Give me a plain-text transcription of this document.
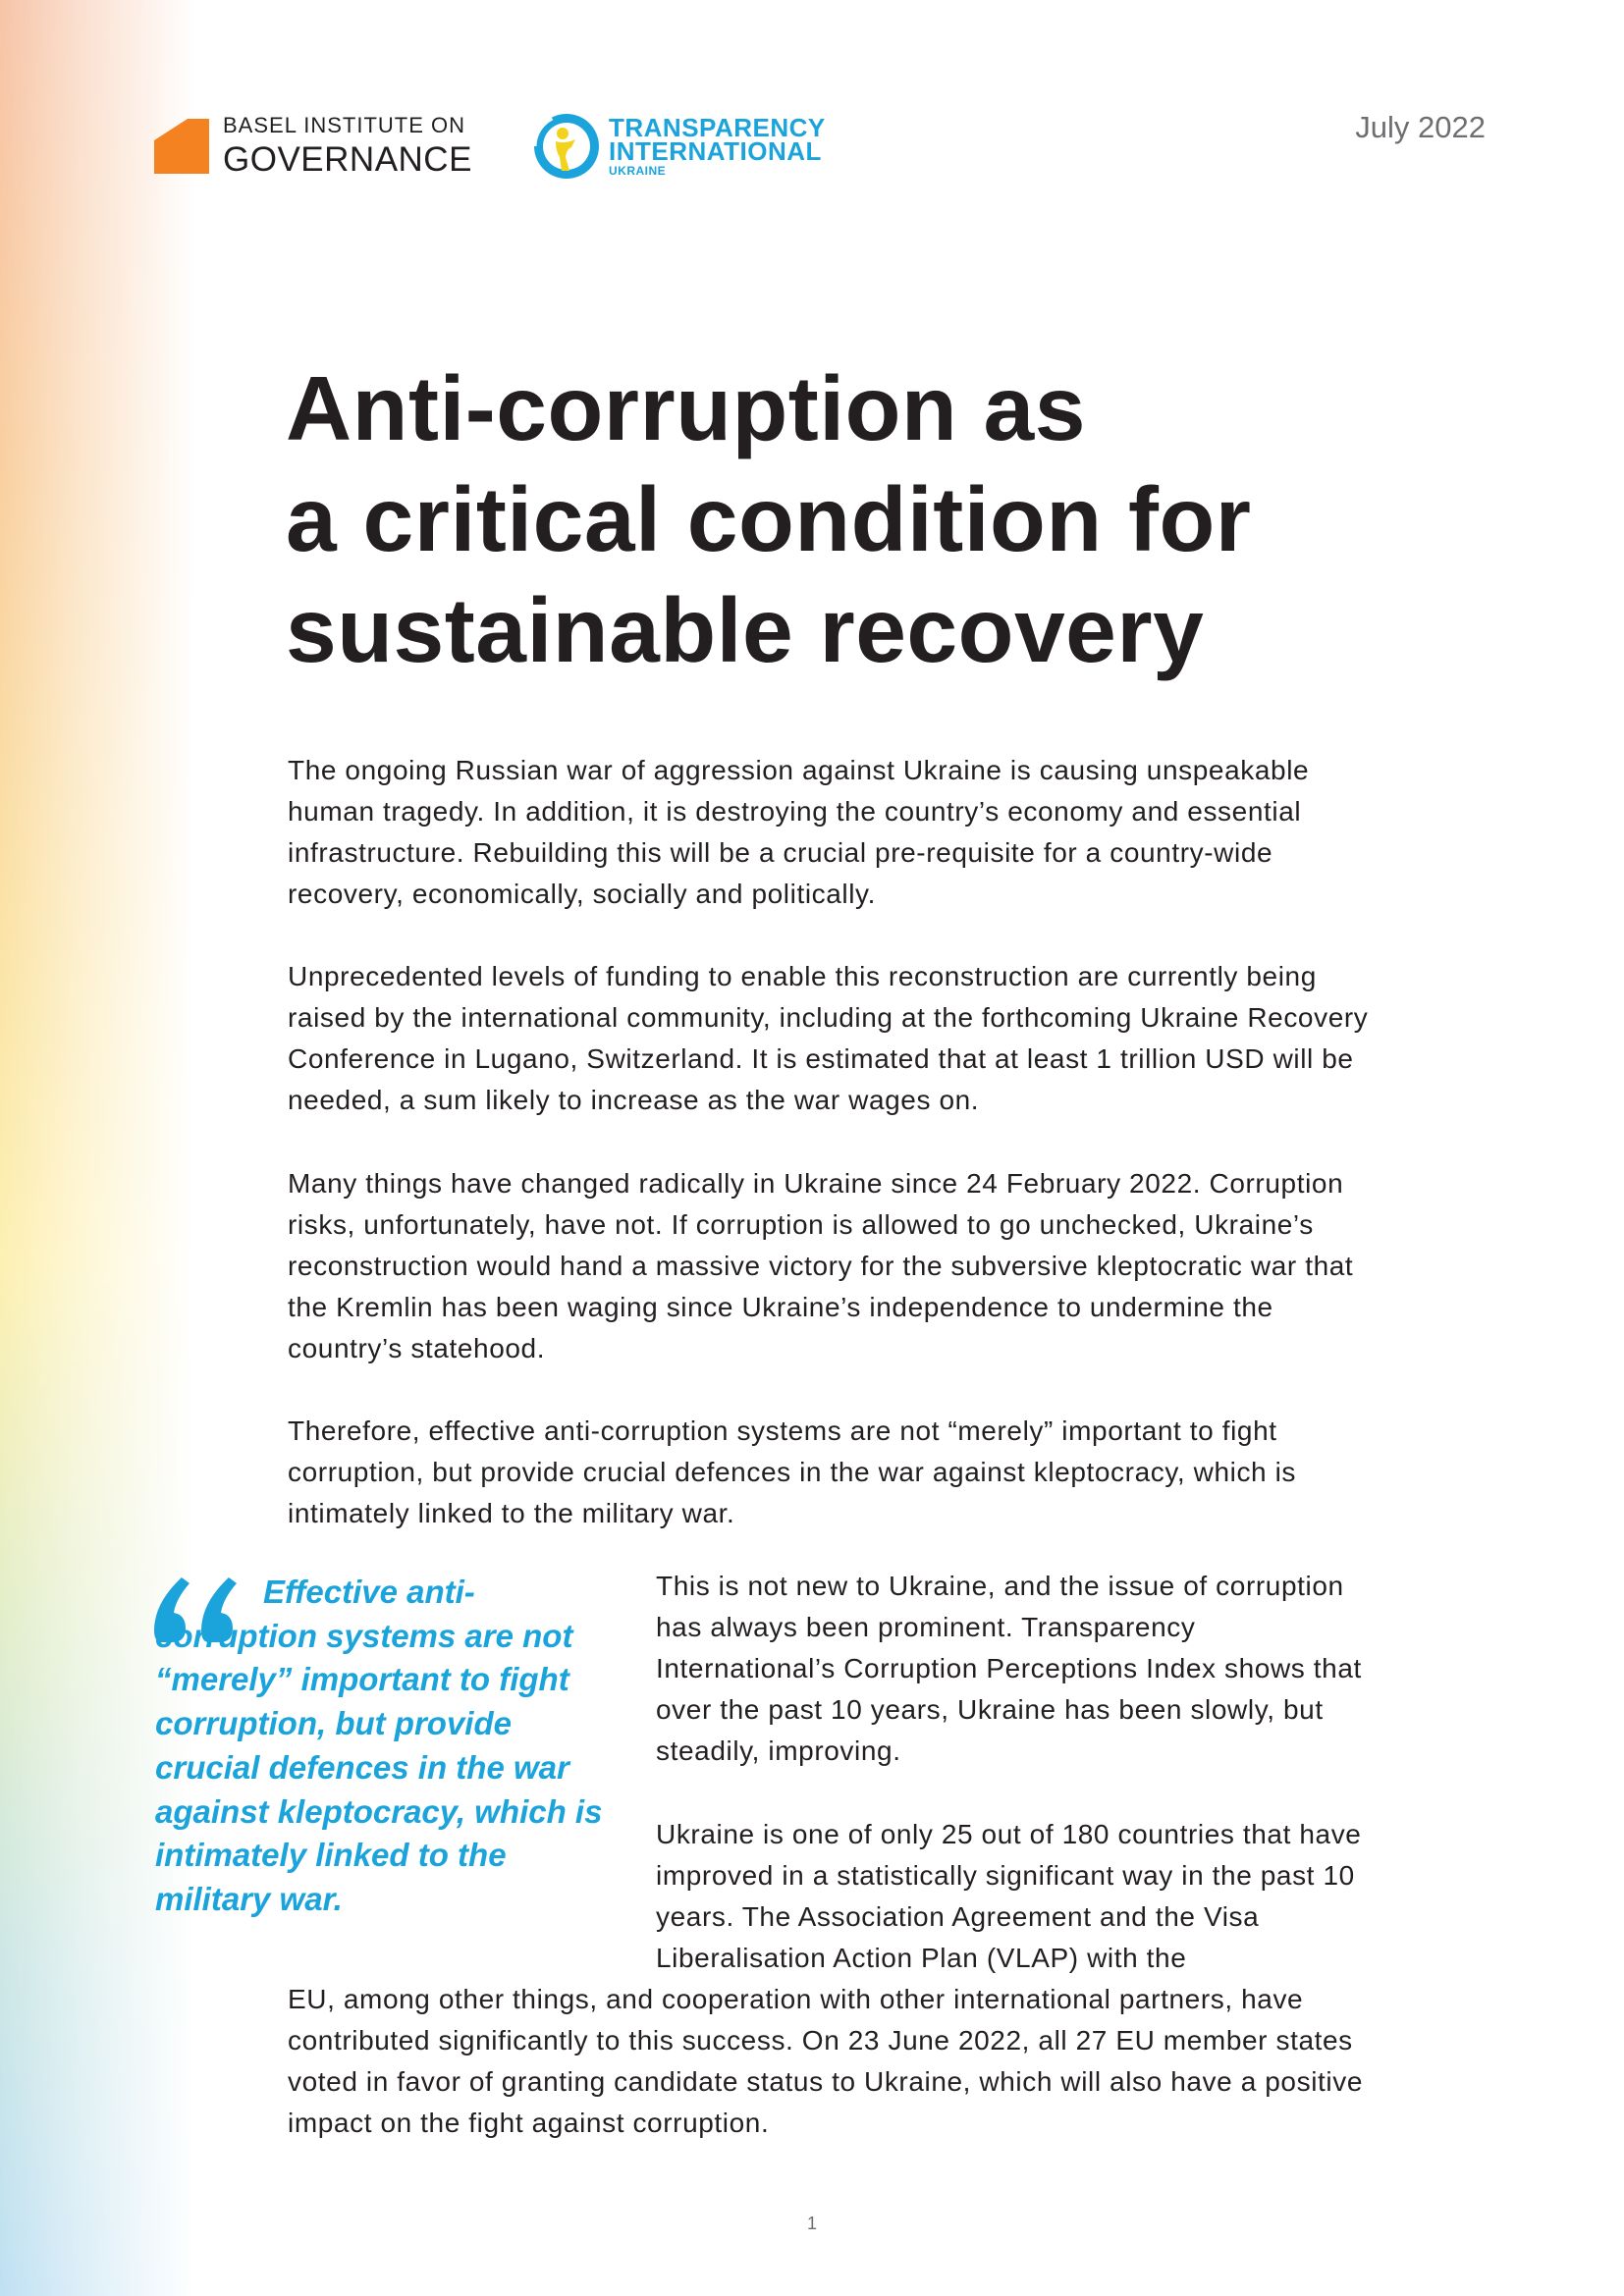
BASEL INSTITUTE ON
GOVERNANCE
TRANSPARENCY
INTERNATIONAL
UKRAINE
July 2022
Anti-corruption as
a critical condition for
sustainable recovery

The ongoing Russian war of aggression against Ukraine is causing unspeakable human tragedy. In addition, it is destroying the country’s economy and essential infrastructure. Rebuilding this will be a crucial pre-requisite for a country-wide recovery, economically, socially and politically.

Unprecedented levels of funding to enable this reconstruction are currently being raised by the international community, including at the forthcoming Ukraine Recovery Conference in Lugano, Switzerland. It is estimated that at least 1 trillion USD will be needed, a sum likely to increase as the war wages on.

Many things have changed radically in Ukraine since 24 February 2022. Corruption risks, unfortunately, have not. If corruption is allowed to go unchecked, Ukraine’s reconstruction would hand a massive victory for the subversive kleptocratic war that the Kremlin has been waging since Ukraine’s independence to undermine the country’s statehood.

Therefore, effective anti-corruption systems are not “merely” important to fight corruption, but provide crucial defences in the war against kleptocracy, which is intimately linked to the military war.

Effective anti-corruption systems are not “merely” important to fight corruption, but provide crucial defences in the war against kleptocracy, which is intimately linked to the military war.

This is not new to Ukraine, and the issue of corruption has always been prominent. Transparency International’s Corruption Perceptions Index shows that over the past 10 years, Ukraine has been slowly, but steadily, improving.

Ukraine is one of only 25 out of 180 countries that have improved in a statistically significant way in the past 10 years. The Association Agreement and the Visa Liberalisation Action Plan (VLAP) with the

EU, among other things, and cooperation with other international partners, have contributed significantly to this success. On 23 June 2022, all 27 EU member states voted in favor of granting candidate status to Ukraine, which will also have a positive impact on the fight against corruption.

1
